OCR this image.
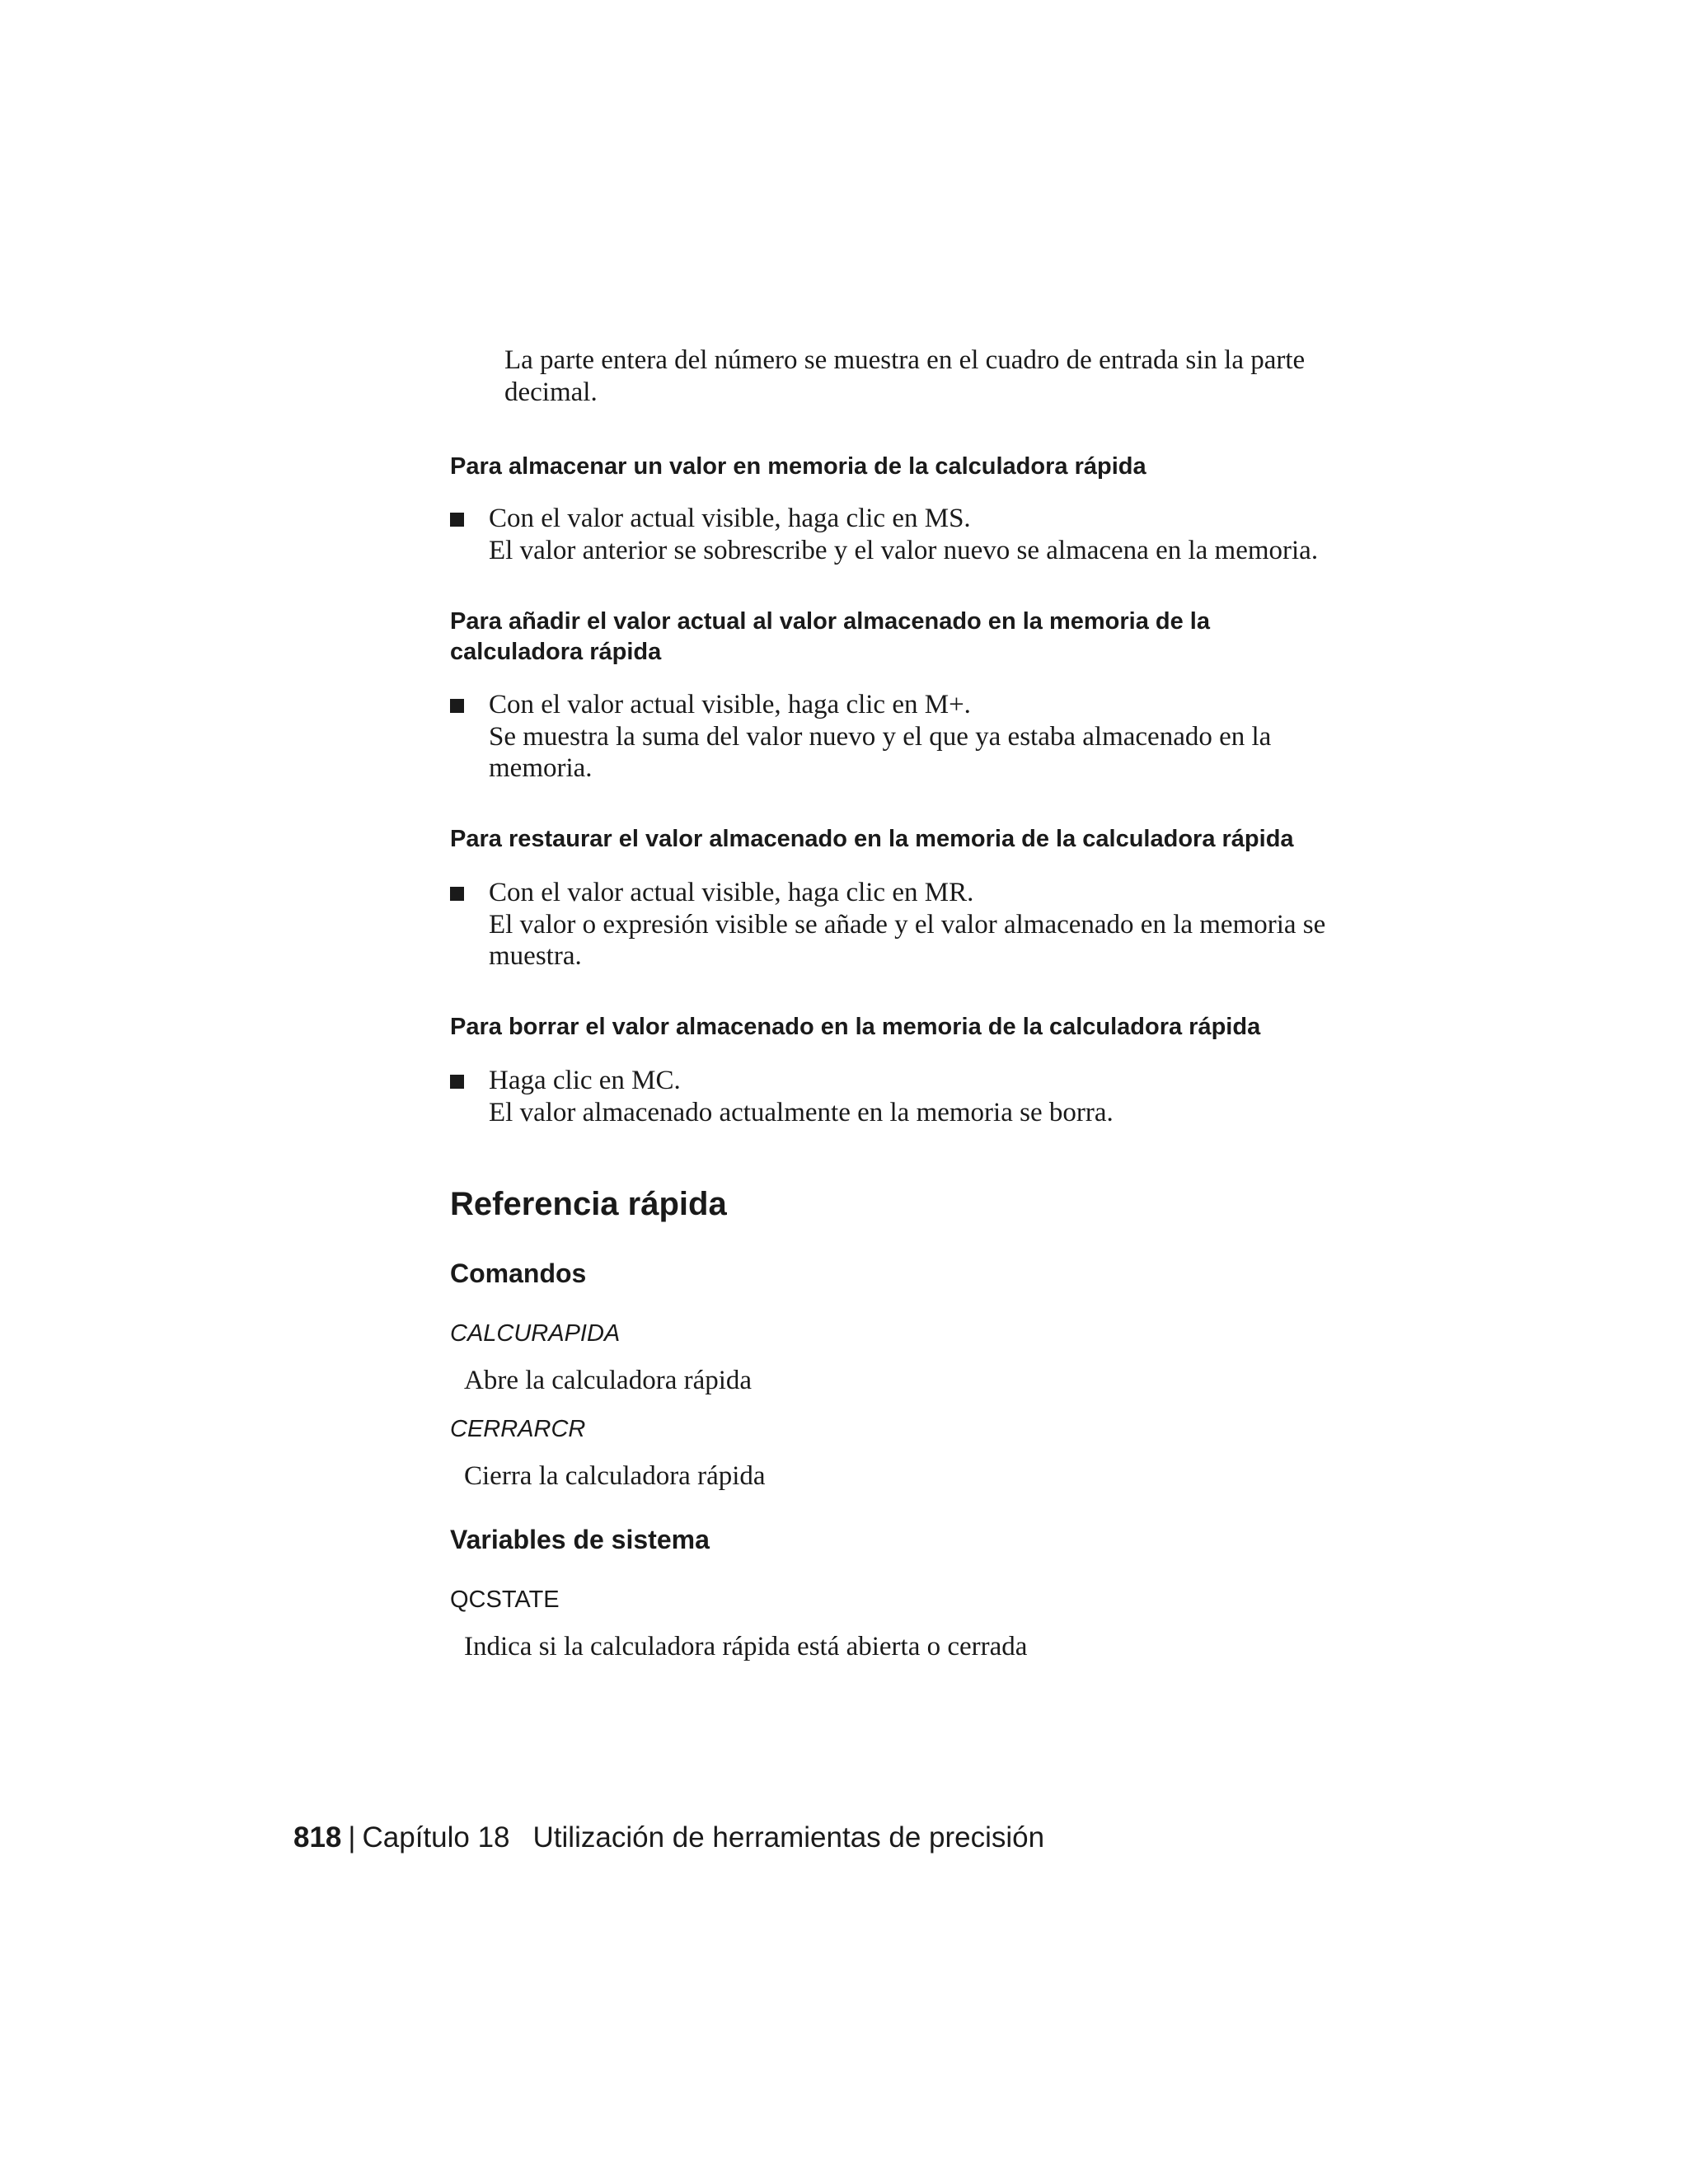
La parte entera del número se muestra en el cuadro de entrada sin la parte decimal.

Para almacenar un valor en memoria de la calculadora rápida

Con el valor actual visible, haga clic en MS.

El valor anterior se sobrescribe y el valor nuevo se almacena en la memoria.

Para añadir el valor actual al valor almacenado en la memoria de la calculadora rápida

Con el valor actual visible, haga clic en M+.

Se muestra la suma del valor nuevo y el que ya estaba almacenado en la memoria.

Para restaurar el valor almacenado en la memoria de la calculadora rápida

Con el valor actual visible, haga clic en MR.

El valor o expresión visible se añade y el valor almacenado en la memoria se muestra.

Para borrar el valor almacenado en la memoria de la calculadora rápida

Haga clic en MC.

El valor almacenado actualmente en la memoria se borra.

Referencia rápida
Comandos

CALCURAPIDA

Abre la calculadora rápida

CERRARCR

Cierra la calculadora rápida

Variables de sistema

QCSTATE

Indica si la calculadora rápida está abierta o cerrada

818 | Capítulo 18 Utilización de herramientas de precisión
